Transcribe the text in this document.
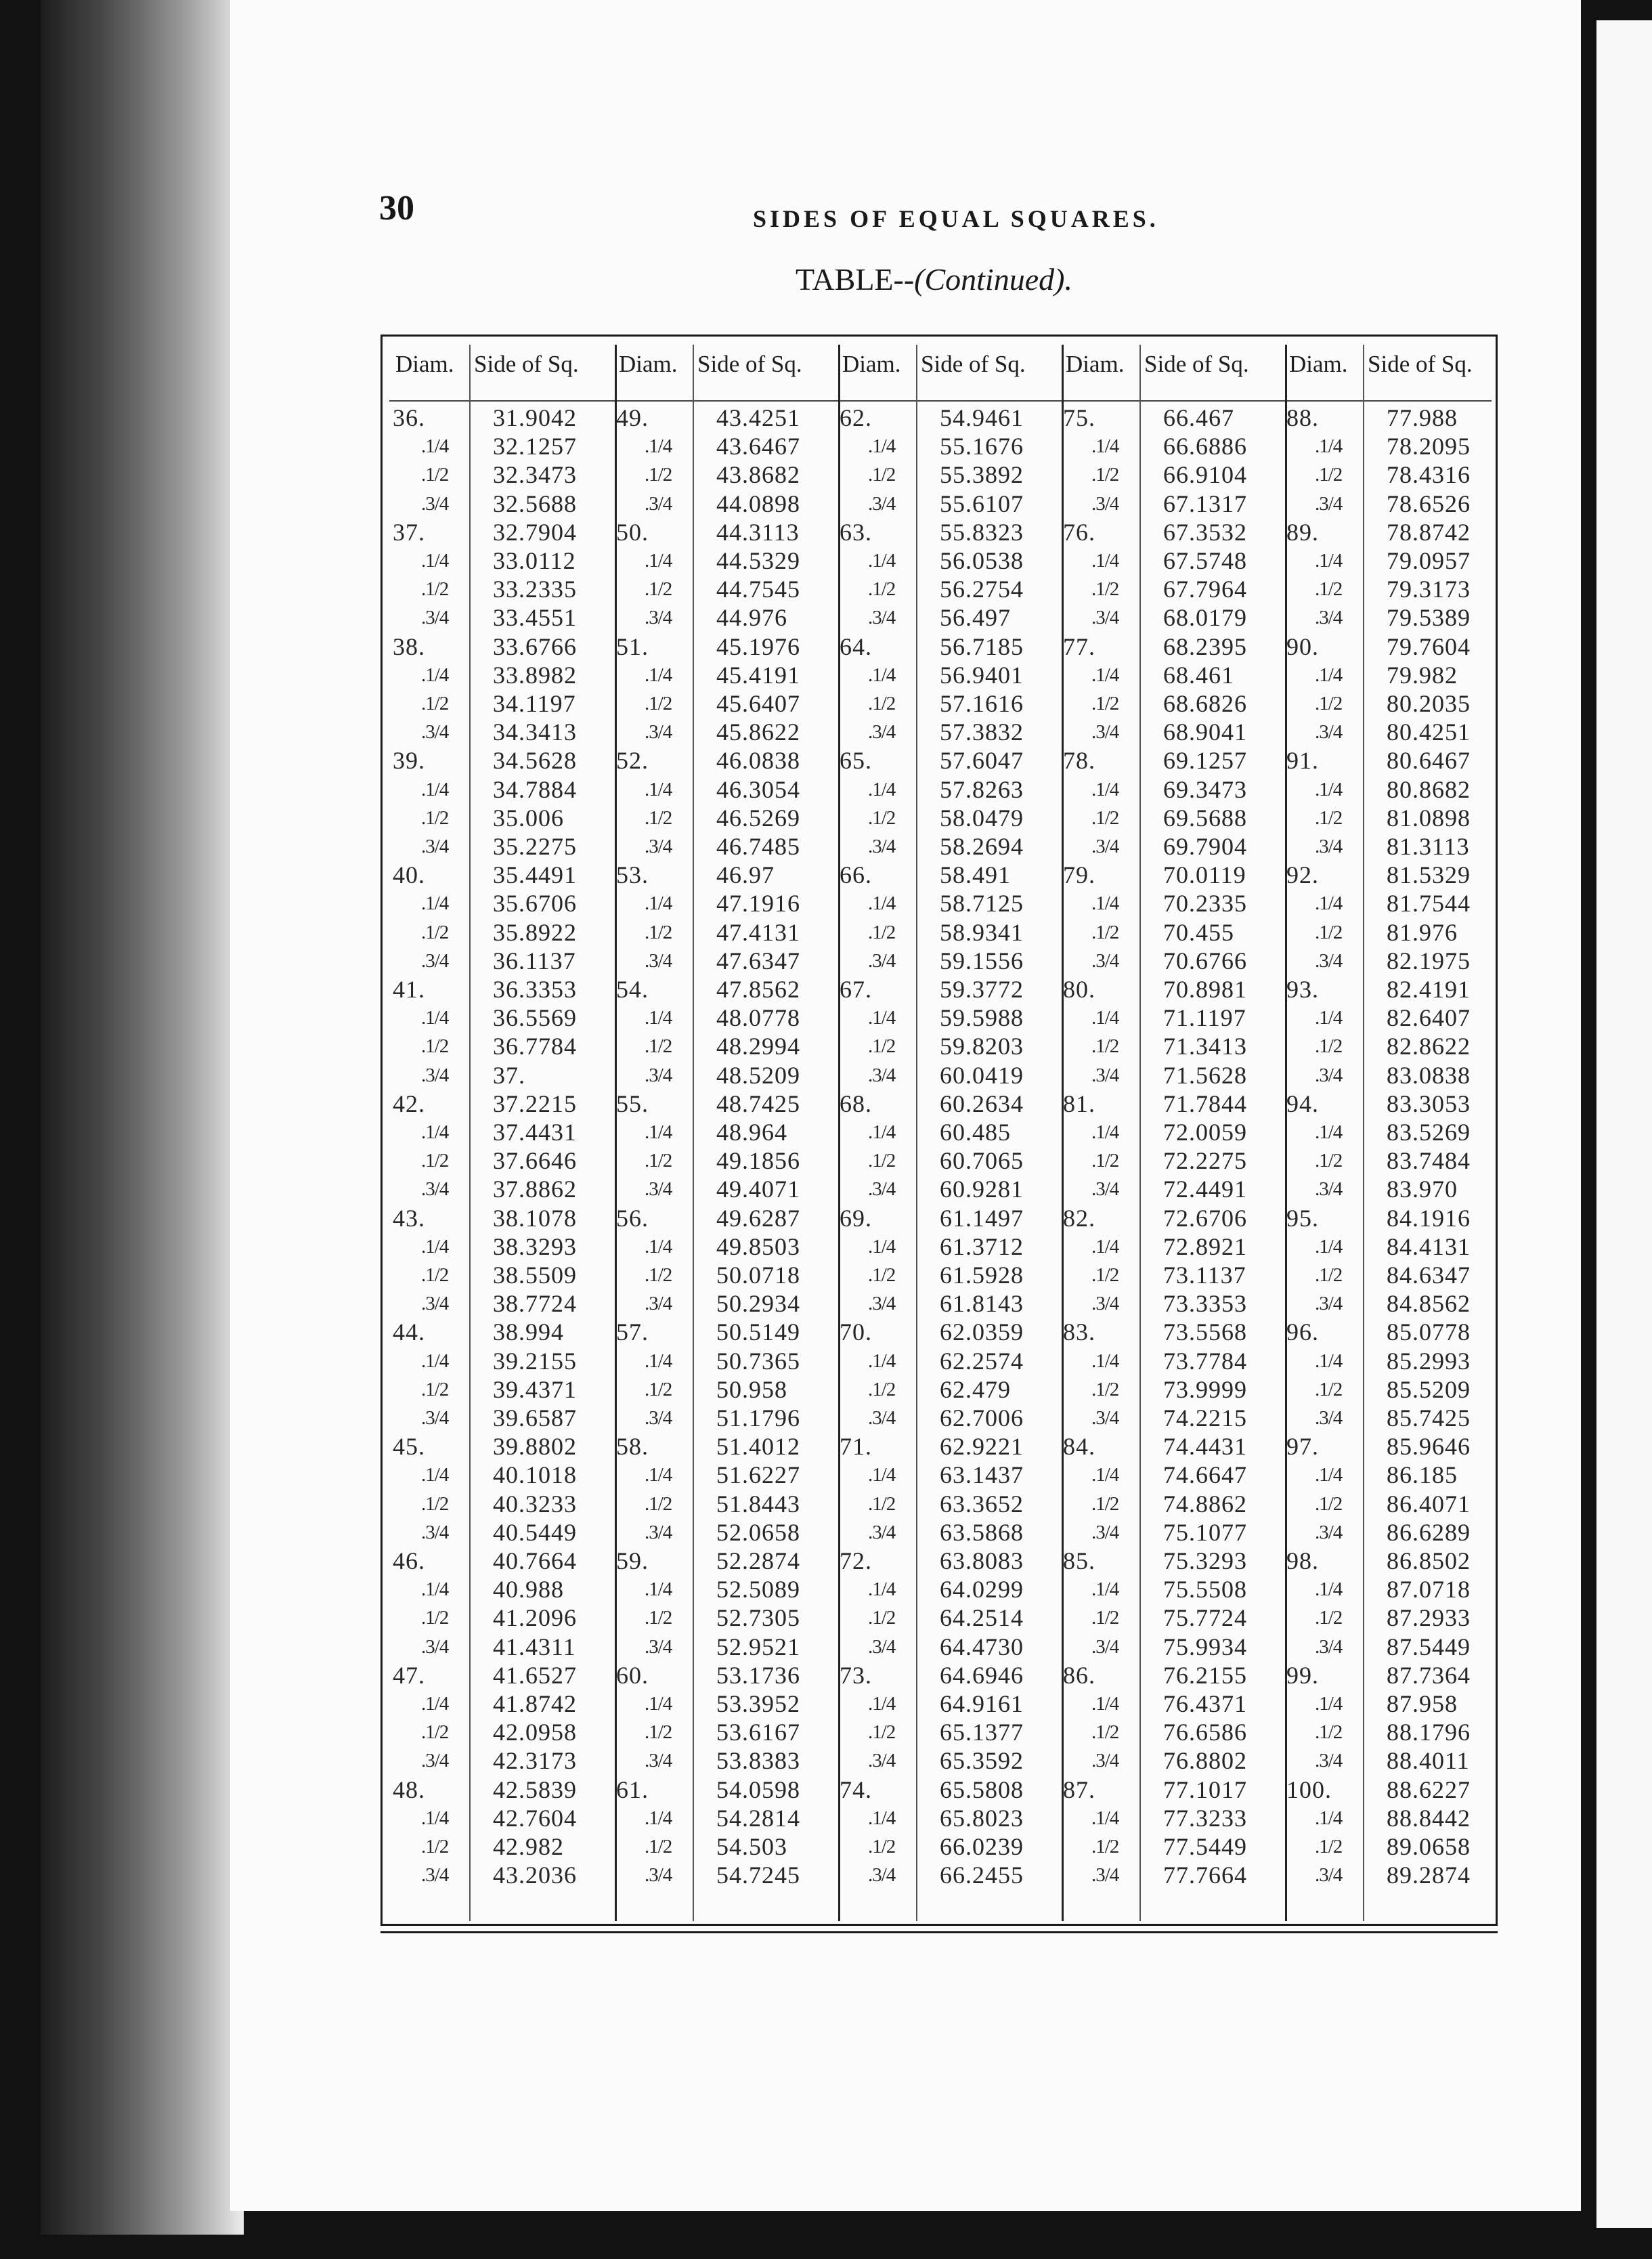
30	SIDES OF EQUAL SQUARES.
TABLE--(Continued).
Diam. Side of Sq. Diam. Side of Sq. Diam. Side of Sq. Diam. Side of Sq. Diam. Side of Sq.
36.	31.9042
.1/4 32.1257
.1/2 32.3473
.3/4 32.5688
37.	32.7904
.1/4 33.0112
.1/2 33.2335
.3/4 33.4551
38.	33.6766
.1/4 33.8982
.1/2 34.1197
.3/4 34.3413
39.	34.5628
.1/4 34.7884
.1/2 35.006
.3/4 35.2275
40.	35.4491
.1/4 35.6706
.1/2 35.8922
.3/4 36.1137
41.	36.3353
.1/4 36.5569
.1/2 36.7784
.3/4 37.
42.	37.2215
.1/4 37.4431
.1/2 37.6646
.3/4 37.8862
43.	38.1078
.1/4 38.3293
.1/2 38.5509
.3/4 38.7724
44.	38.994
.1/4 39.2155
.1/2 39.4371
.3/4 39.6587
45.	39.8802
.1/4 40.1018
.1/2 40.3233
.3/4 40.5449
46.	40.7664
.1/4 40.988
.1/2 41.2096
.3/4 41.4311
47.	41.6527
.1/4 41.8742
.1/2 42.0958
.3/4 42.3173
48.	42.5839
.1/4 42.7604
.1/2 42.982
.3/4 43.2036
49.	43.4251
.1/4 43.6467
.1/2 43.8682
.3/4 44.0898
50.	44.3113
.1/4 44.5329
.1/2 44.7545
.3/4 44.976
51.	45.1976
.1/4 45.4191
.1/2 45.6407
.3/4 45.8622
52.	46.0838
.1/4 46.3054
.1/2 46.5269
.3/4 46.7485
53.	46.97
.1/4 47.1916
.1/2 47.4131
.3/4 47.6347
54.	47.8562
.1/4 48.0778
.1/2 48.2994
.3/4 48.5209
55.	48.7425
.1/4 48.964
.1/2 49.1856
.3/4 49.4071
56.	49.6287
.1/4 49.8503
.1/2 50.0718
.3/4 50.2934
57.	50.5149
.1/4 50.7365
.1/2 50.958
.3/4 51.1796
58.	51.4012
.1/4 51.6227
.1/2 51.8443
.3/4 52.0658
59.	52.2874
.1/4 52.5089
.1/2 52.7305
.3/4 52.9521
60.	53.1736
.1/4 53.3952
.1/2 53.6167
.3/4 53.8383
61.	54.0598
.1/4 54.2814
.1/2 54.503
.3/4 54.7245
62.	54.9461
.1/4 55.1676
.1/2 55.3892
.3/4 55.6107
63.	55.8323
.1/4 56.0538
.1/2 56.2754
.3/4 56.497
64.	56.7185
.1/4 56.9401
.1/2 57.1616
.3/4 57.3832
65.	57.6047
.1/4 57.8263
.1/2 58.0479
.3/4 58.2694
66.	58.491
.1/4 58.7125
.1/2 58.9341
.3/4 59.1556
67.	59.3772
.1/4 59.5988
.1/2 59.8203
.3/4 60.0419
68.	60.2634
.1/4 60.485
.1/2 60.7065
.3/4 60.9281
69.	61.1497
.1/4 61.3712
.1/2 61.5928
.3/4 61.8143
70.	62.0359
.1/4 62.2574
.1/2 62.479
.3/4 62.7006
71.	62.9221
.1/4 63.1437
.1/2 63.3652
.3/4 63.5868
72.	63.8083
.1/4 64.0299
.1/2 64.2514
.3/4 64.4730
73.	64.6946
.1/4 64.9161
.1/2 65.1377
.3/4 65.3592
74.	65.5808
.1/4 65.8023
.1/2 66.0239
.3/4 66.2455
75.	66.467
.1/4 66.6886
.1/2 66.9104
.3/4 67.1317
76.	67.3532
.1/4 67.5748
.1/2 67.7964
.3/4 68.0179
77.	68.2395
.1/4 68.461
.1/2 68.6826
.3/4 68.9041
78.	69.1257
.1/4 69.3473
.1/2 69.5688
.3/4 69.7904
79.	70.0119
.1/4 70.2335
.1/2 70.455
.3/4 70.6766
80.	70.8981
.1/4 71.1197
.1/2 71.3413
.3/4 71.5628
81.	71.7844
.1/4 72.0059
.1/2 72.2275
.3/4 72.4491
82.	72.6706
.1/4 72.8921
.1/2 73.1137
.3/4 73.3353
83.	73.5568
.1/4 73.7784
.1/2 73.9999
.3/4 74.2215
84.	74.4431
.1/4 74.6647
.1/2 74.8862
.3/4 75.1077
85.	75.3293
.1/4 75.5508
.1/2 75.7724
.3/4 75.9934
86.	76.2155
.1/4 76.4371
.1/2 76.6586
.3/4 76.8802
87.	77.1017
.1/4 77.3233
.1/2 77.5449
.3/4 77.7664
88.	77.988
.1/4 78.2095
.1/2 78.4316
.3/4 78.6526
89.	78.8742
.1/4 79.0957
.1/2 79.3173
.3/4 79.5389
90.	79.7604
.1/4 79.982
.1/2 80.2035
.3/4 80.4251
91.	80.6467
.1/4 80.8682
.1/2 81.0898
.3/4 81.3113
92.	81.5329
.1/4 81.7544
.1/2 81.976
.3/4 82.1975
93.	82.4191
.1/4 82.6407
.1/2 82.8622
.3/4 83.0838
94.	83.3053
.1/4 83.5269
.1/2 83.7484
.3/4 83.970
95.	84.1916
.1/4 84.4131
.1/2 84.6347
.3/4 84.8562
96.	85.0778
.1/4 85.2993
.1/2 85.5209
.3/4 85.7425
97.	85.9646
.1/4 86.185
.1/2 86.4071
.3/4 86.6289
98.	86.8502
.1/4 87.0718
.1/2 87.2933
.3/4 87.5449
99.	87.7364
.1/4 87.958
.1/2 88.1796
.3/4 88.4011
100. 88.6227
.1/4 88.8442
.1/2 89.0658
.3/4 89.2874
